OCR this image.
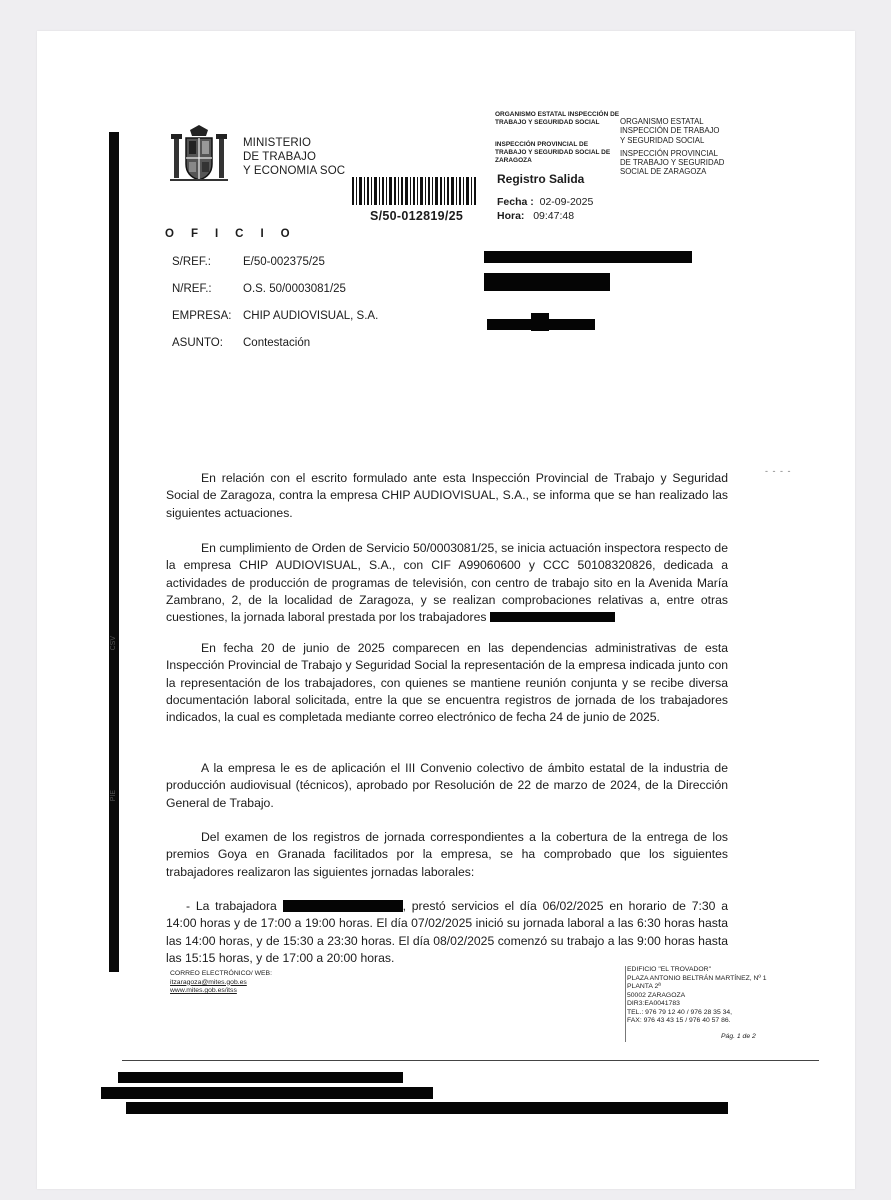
CSV
PIE
MINISTERIO
DE TRABAJO
Y ECONOMIA SOC
S/50-012819/25
ORGANISMO ESTATAL INSPECCIÓN DE TRABAJO Y SEGURIDAD SOCIAL
INSPECCIÓN PROVINCIAL DE TRABAJO Y SEGURIDAD SOCIAL DE ZARAGOZA
Registro Salida
Fecha : 02-09-2025
Hora: 09:47:48
ORGANISMO ESTATAL
INSPECCIÓN DE TRABAJO
Y SEGURIDAD SOCIAL
INSPECCIÓN PROVINCIAL
DE TRABAJO Y SEGURIDAD
SOCIAL DE ZARAGOZA
OFICIO
S/REF.:	E/50-002375/25
N/REF.:	O.S. 50/0003081/25
EMPRESA: CHIP AUDIOVISUAL, S.A.
ASUNTO: Contestación
- - - -

En relación con el escrito formulado ante esta Inspección Provincial de Trabajo y Seguridad Social de Zaragoza, contra la empresa CHIP AUDIOVISUAL, S.A., se informa que se han realizado las siguientes actuaciones.

En cumplimiento de Orden de Servicio 50/0003081/25, se inicia actuación inspectora respecto de la empresa CHIP AUDIOVISUAL, S.A., con CIF A99060600 y CCC 50108320826, dedicada a actividades de producción de programas de televisión, con centro de trabajo sito en la Avenida María Zambrano, 2, de la localidad de Zaragoza, y se realizan comprobaciones relativas a, entre otras cuestiones, la jornada laboral prestada por los trabajadores

En fecha 20 de junio de 2025 comparecen en las dependencias administrativas de esta Inspección Provincial de Trabajo y Seguridad Social la representación de la empresa indicada junto con la representación de los trabajadores, con quienes se mantiene reunión conjunta y se recibe diversa documentación laboral solicitada, entre la que se encuentra registros de jornada de los trabajadores indicados, la cual es completada mediante correo electrónico de fecha 24 de junio de 2025.

A la empresa le es de aplicación el III Convenio colectivo de ámbito estatal de la industria de producción audiovisual (técnicos), aprobado por Resolución de 22 de marzo de 2024, de la Dirección General de Trabajo.

Del examen de los registros de jornada correspondientes a la cobertura de la entrega de los premios Goya en Granada facilitados por la empresa, se ha comprobado que los siguientes trabajadores realizaron las siguientes jornadas laborales:

- La trabajadora	, prestó servicios el día 06/02/2025 en horario de 7:30 a 14:00 horas y de 17:00 a 19:00 horas. El día 07/02/2025 inició su jornada laboral a las 6:30 horas hasta las 14:00 horas, y de 15:30 a 23:30 horas. El día 08/02/2025 comenzó su trabajo a las 9:00 horas hasta las 15:15 horas, y de 17:00 a 20:00 horas.

CORREO ELECTRÓNICO/ WEB:
itzaragoza@mites.gob.es
www.mites.gob.es/itss
EDIFICIO "EL TROVADOR"
PLAZA ANTONIO BELTRÁN MARTÍNEZ, Nº 1
PLANTA 2ª
50002 ZARAGOZA
DIR3:EA0041783
TEL.: 976 79 12 40 / 976 28 35 34,
FAX: 976 43 43 15 / 976 40 57 86.
Pág. 1 de 2
